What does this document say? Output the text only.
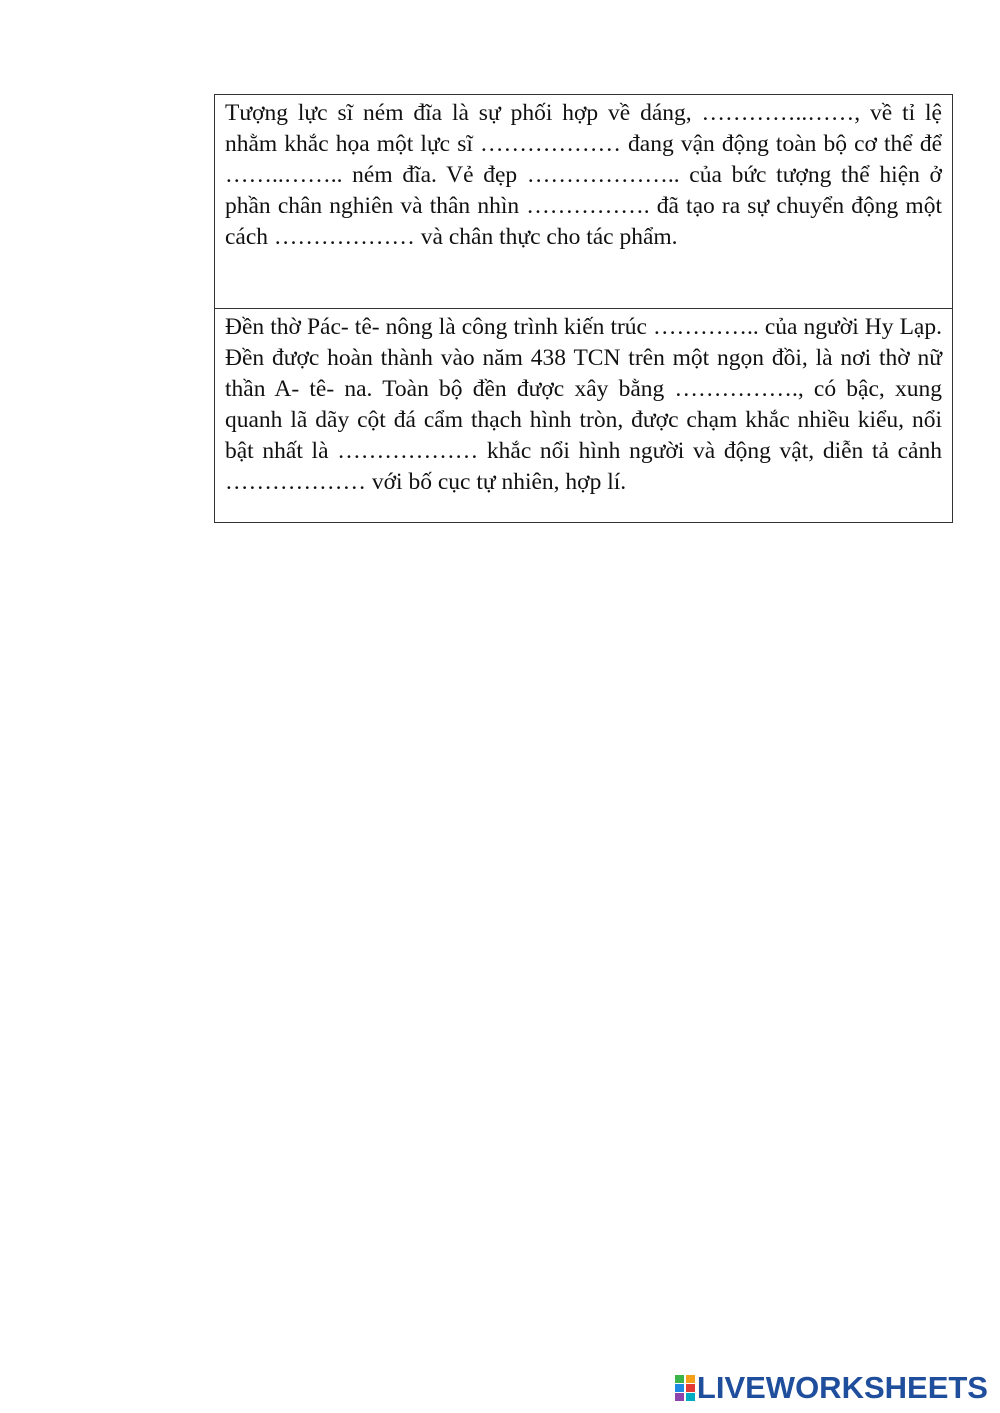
Tượng lực sĩ ném đĩa là sự phối hợp về dáng, …………..……, về tỉ lệ nhằm khắc họa một lực sĩ ……………… đang vận động toàn bộ cơ thể để ……..…….. ném đĩa. Vẻ đẹp ……………….. của bức tượng thể hiện ở phần chân nghiên và thân nhìn ……………. đã tạo ra sự chuyển động một cách ……………… và chân thực cho tác phẩm.
Đền thờ Pác- tê- nông là công trình kiến trúc ………….. của người Hy Lạp. Đền được hoàn thành vào năm 438 TCN trên một ngọn đồi, là nơi thờ nữ thần A- tê- na. Toàn bộ đền được xây bằng ……………., có bậc, xung quanh lã dãy cột đá cẩm thạch hình tròn, được chạm khắc nhiều kiểu, nổi bật nhất là ……………… khắc nổi hình người và động vật, diễn tả cảnh ……………… với bố cục tự nhiên, hợp lí.
LIVEWORKSHEETS
